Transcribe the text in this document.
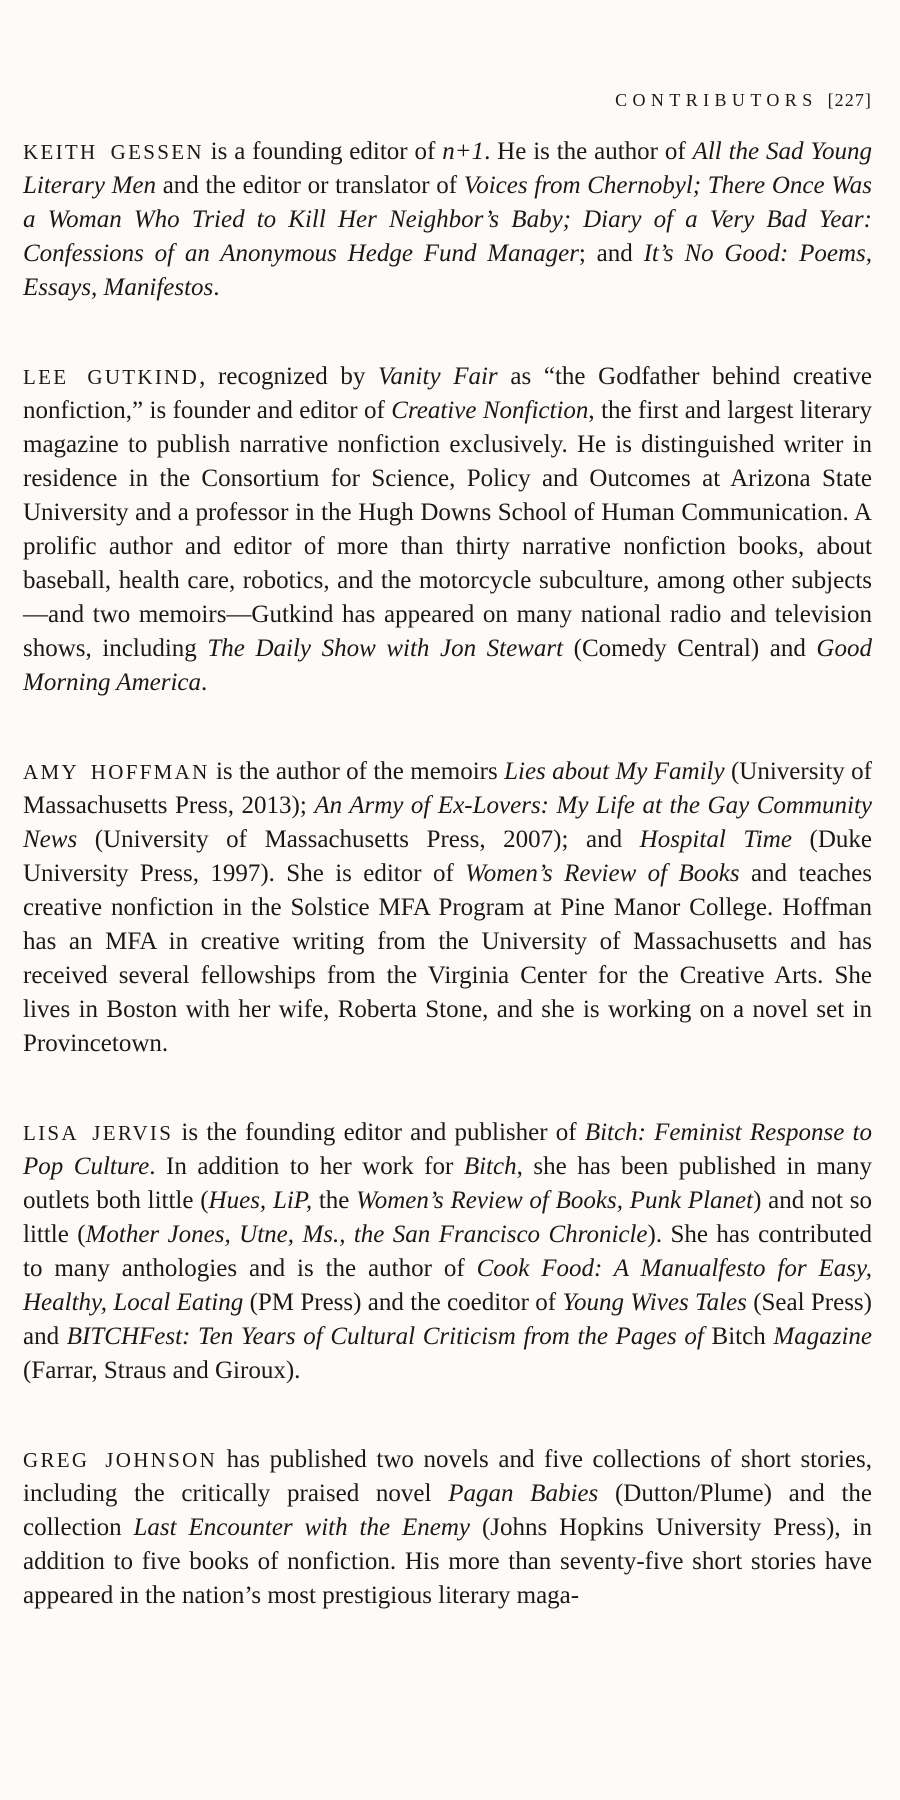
CONTRIBUTORS [227]

KEITH GESSEN is a founding editor of n+1. He is the author of All the Sad Young Literary Men and the editor or translator of Voices from Chernobyl; There Once Was a Woman Who Tried to Kill Her Neighbor’s Baby; Diary of a Very Bad Year: Confessions of an Anonymous Hedge Fund Manager; and It’s No Good: Poems, Essays, Manifestos.

LEE GUTKIND, recognized by Vanity Fair as “the Godfather behind creative nonfiction,” is founder and editor of Creative Nonfiction, the first and largest literary magazine to publish narrative nonfiction exclusively. He is distinguished writer in residence in the Consortium for Science, Policy and Outcomes at Arizona State University and a professor in the Hugh Downs School of Human Communication. A prolific author and editor of more than thirty narrative nonfiction books, about baseball, health care, robotics, and the motorcycle subculture, among other subjects—and two memoirs—Gutkind has appeared on many national radio and television shows, including The Daily Show with Jon Stewart (Comedy Central) and Good Morning America.

AMY HOFFMAN is the author of the memoirs Lies about My Family (University of Massachusetts Press, 2013); An Army of Ex-Lovers: My Life at the Gay Community News (University of Massachusetts Press, 2007); and Hospital Time (Duke University Press, 1997). She is editor of Women’s Review of Books and teaches creative nonfiction in the Solstice MFA Program at Pine Manor College. Hoffman has an MFA in creative writing from the University of Massachusetts and has received several fellowships from the Virginia Center for the Creative Arts. She lives in Boston with her wife, Roberta Stone, and she is working on a novel set in Provincetown.

LISA JERVIS is the founding editor and publisher of Bitch: Feminist Response to Pop Culture. In addition to her work for Bitch, she has been published in many outlets both little (Hues, LiP, the Women’s Review of Books, Punk Planet) and not so little (Mother Jones, Utne, Ms., the San Francisco Chronicle). She has contributed to many anthologies and is the author of Cook Food: A Manualfesto for Easy, Healthy, Local Eating (PM Press) and the coeditor of Young Wives Tales (Seal Press) and BITCHFest: Ten Years of Cultural Criticism from the Pages of Bitch Magazine (Farrar, Straus and Giroux).

GREG JOHNSON has published two novels and five collections of short stories, including the critically praised novel Pagan Babies (Dutton/Plume) and the collection Last Encounter with the Enemy (Johns Hopkins University Press), in addition to five books of nonfiction. His more than seventy-five short stories have appeared in the nation’s most prestigious literary maga-
